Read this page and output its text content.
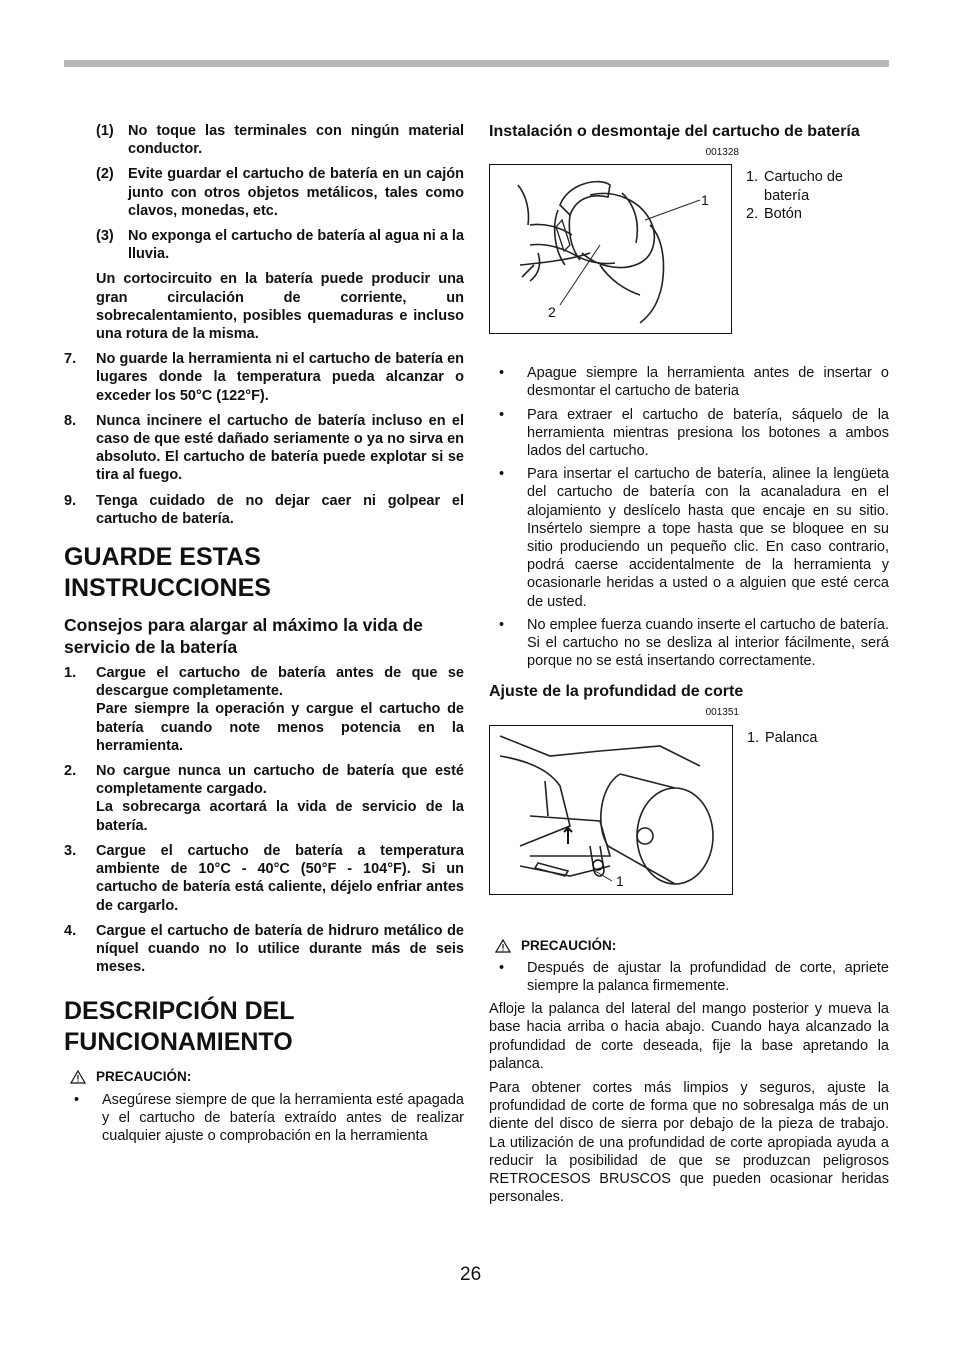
(1) No toque las terminales con ningún material conductor.
(2) Evite guardar el cartucho de batería en un cajón junto con otros objetos metálicos, tales como clavos, monedas, etc.
(3) No exponga el cartucho de batería al agua ni a la lluvia.
Un cortocircuito en la batería puede producir una gran circulación de corriente, un sobrecalentamiento, posibles quemaduras e incluso una rotura de la misma.
7.	No guarde la herramienta ni el cartucho de batería en lugares donde la temperatura pueda alcanzar o exceder los 50°C (122°F).
8.	Nunca incinere el cartucho de batería incluso en el caso de que esté dañado seriamente o ya no sirva en absoluto. El cartucho de batería puede explotar si se tira al fuego.
9.	Tenga cuidado de no dejar caer ni golpear el cartucho de batería.
GUARDE ESTAS INSTRUCCIONES
Consejos para alargar al máximo la vida de servicio de la batería
1.	Cargue el cartucho de batería antes de que se descargue completamente.
Pare siempre la operación y cargue el cartucho de batería cuando note menos potencia en la herramienta.
2.	No cargue nunca un cartucho de batería que esté completamente cargado.
La sobrecarga acortará la vida de servicio de la batería.
3.	Cargue el cartucho de batería a temperatura ambiente de 10°C - 40°C (50°F - 104°F). Si un cartucho de batería está caliente, déjelo enfriar antes de cargarlo.
4.	Cargue el cartucho de batería de hidruro metálico de níquel cuando no lo utilice durante más de seis meses.
DESCRIPCIÓN DEL FUNCIONAMIENTO
PRECAUCIÓN:
•	Asegúrese siempre de que la herramienta esté apagada y el cartucho de batería extraído antes de realizar cualquier ajuste o comprobación en la herramienta
Instalación o desmontaje del cartucho de batería
001328
1
2
1. Cartucho de batería
2. Botón
•	Apague siempre la herramienta antes de insertar o desmontar el cartucho de bateria
•	Para extraer el cartucho de batería, sáquelo de la herramienta mientras presiona los botones a ambos lados del cartucho.
•	Para insertar el cartucho de batería, alinee la lengüeta del cartucho de batería con la acanaladura en el alojamiento y deslícelo hasta que encaje en su sitio. Insértelo siempre a tope hasta que se bloquee en su sitio produciendo un pequeño clic. En caso contrario, podrá caerse accidentalmente de la herramienta y ocasionarle heridas a usted o a alguien que esté cerca de usted.
•	No emplee fuerza cuando inserte el cartucho de batería. Si el cartucho no se desliza al interior fácilmente, será porque no se está insertando correctamente.
Ajuste de la profundidad de corte
001351
1
1. Palanca
PRECAUCIÓN:
•	Después de ajustar la profundidad de corte, apriete siempre la palanca firmemente.
Afloje la palanca del lateral del mango posterior y mueva la base hacia arriba o hacia abajo. Cuando haya alcanzado la profundidad de corte deseada, fije la base apretando la palanca.
Para obtener cortes más limpios y seguros, ajuste la profundidad de corte de forma que no sobresalga más de un diente del disco de sierra por debajo de la pieza de trabajo. La utilización de una profundidad de corte apropiada ayuda a reducir la posibilidad de que se produzcan peligrosos RETROCESOS BRUSCOS que pueden ocasionar heridas personales.
26
